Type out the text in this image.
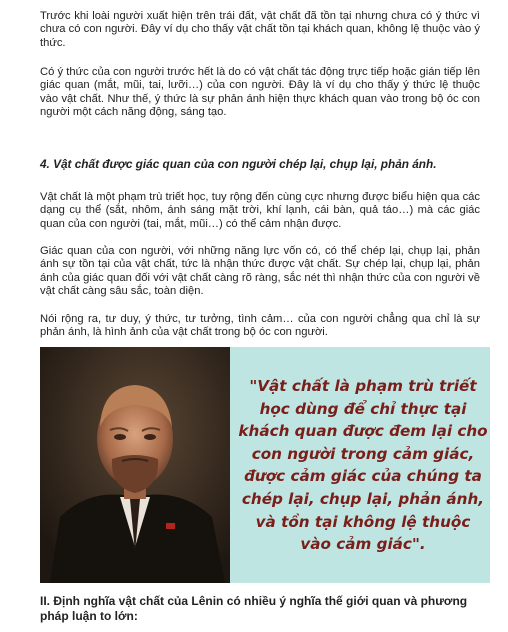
Trước khi loài người xuất hiện trên trái đất, vật chất đã tồn tại nhưng chưa có ý thức vì chưa có con người. Đây ví dụ cho thấy vật chất tồn tại khách quan, không lệ thuộc vào ý thức.

Có ý thức của con người trước hết là do có vật chất tác động trực tiếp hoặc gián tiếp lên giác quan (mắt, mũi, tai, lưỡi…) của con người. Đây là ví dụ cho thấy ý thức lệ thuộc vào vật chất. Như thế, ý thức là sự phản ánh hiện thực khách quan vào trong bộ óc con người một cách năng động, sáng tạo.

4. Vật chất được giác quan của con người chép lại, chụp lại, phản ánh.

Vật chất là một phạm trù triết học, tuy rộng đến cùng cực nhưng được biểu hiện qua các dạng cụ thể (sắt, nhôm, ánh sáng mặt trời, khí lạnh, cái bàn, quả táo…) mà các giác quan của con người (tai, mắt, mũi…) có thể cảm nhận được.

Giác quan của con người, với những năng lực vốn có, có thể chép lại, chụp lại, phản ánh sự tồn tại của vật chất, tức là nhận thức được vật chất. Sự chép lại, chụp lại, phản ánh của giác quan đối với vật chất càng rõ ràng, sắc nét thì nhận thức của con người về vật chất càng sâu sắc, toàn diện.

Nói rộng ra, tư duy, ý thức, tư tưởng, tình cảm… của con người chẳng qua chỉ là sự phản ánh, là hình ảnh của vật chất trong bộ óc con người.

"Vật chất là phạm trù triết học dùng để chỉ thực tại khách quan được đem lại cho con người trong cảm giác, được cảm giác của chúng ta chép lại, chụp lại, phản ánh, và tồn tại không lệ thuộc vào cảm giác".
II. Định nghĩa vật chất của Lênin có nhiều ý nghĩa thế giới quan và phương pháp luận to lớn:
